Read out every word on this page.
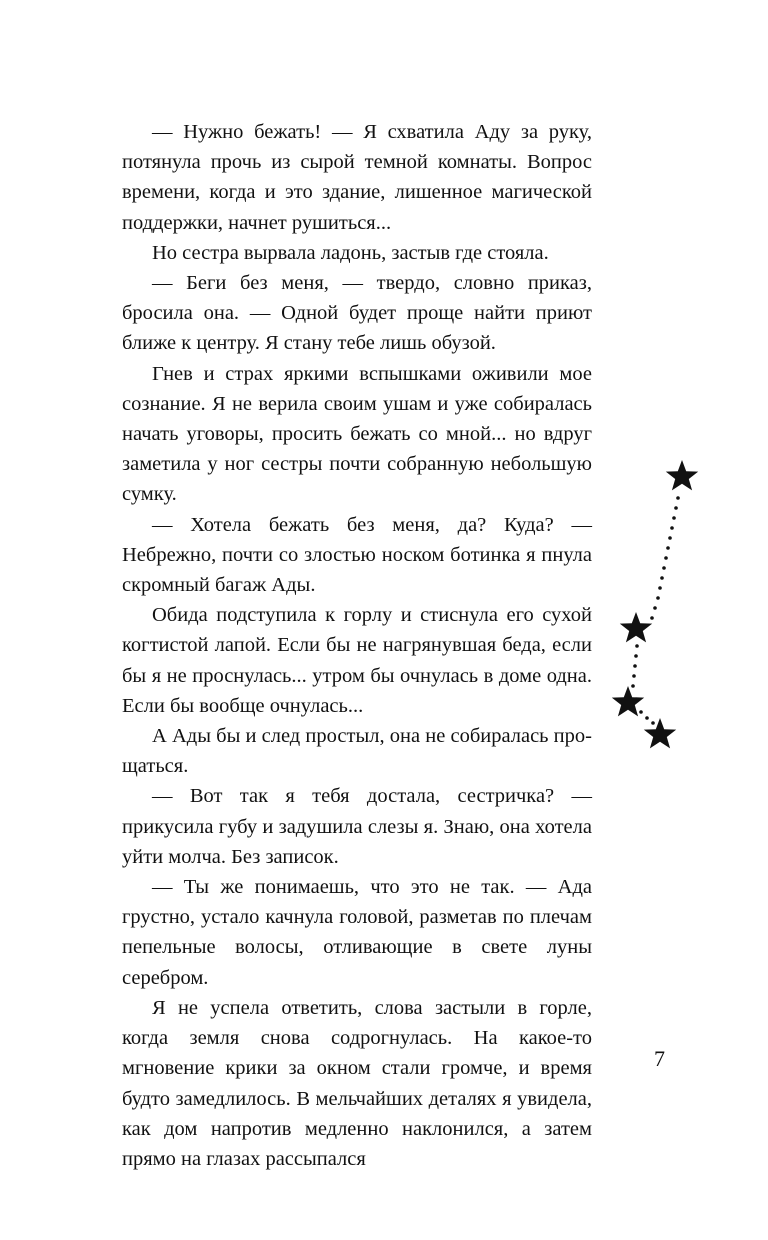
— Нужно бежать! — Я схватила Аду за руку, потянула прочь из сырой темной комнаты. Вопрос времени, когда и это здание, лишенное магической поддержки, начнет рушиться...

Но сестра вырвала ладонь, застыв где стояла.

— Беги без меня, — твердо, словно приказ, бросила она. — Одной будет проще найти приют ближе к центру. Я стану тебе лишь обузой.

Гнев и страх яркими вспышками оживили мое сознание. Я не верила своим ушам и уже собиралась начать уговоры, просить бежать со мной... но вдруг заметила у ног сестры почти собранную небольшую сумку.

— Хотела бежать без меня, да? Куда? — Небрежно, почти со злостью носком ботинка я пнула скромный багаж Ады.

Обида подступила к горлу и стиснула его сухой когтистой лапой. Если бы не нагрянувшая беда, если бы я не проснулась... утром бы очнулась в доме одна. Если бы вообще очнулась...

А Ады бы и след простыл, она не собиралась прощаться.

— Вот так я тебя достала, сестричка? — прикусила губу и задушила слезы я. Знаю, она хотела уйти молча. Без записок.

— Ты же понимаешь, что это не так. — Ада грустно, устало качнула головой, разметав по плечам пепельные волосы, отливающие в свете луны серебром.

Я не успела ответить, слова застыли в горле, когда земля снова содрогнулась. На какое-то мгновение крики за окном стали громче, и время будто замедлилось. В мельчайших деталях я увидела, как дом напротив медленно наклонился, а затем прямо на глазах рассыпался

7
